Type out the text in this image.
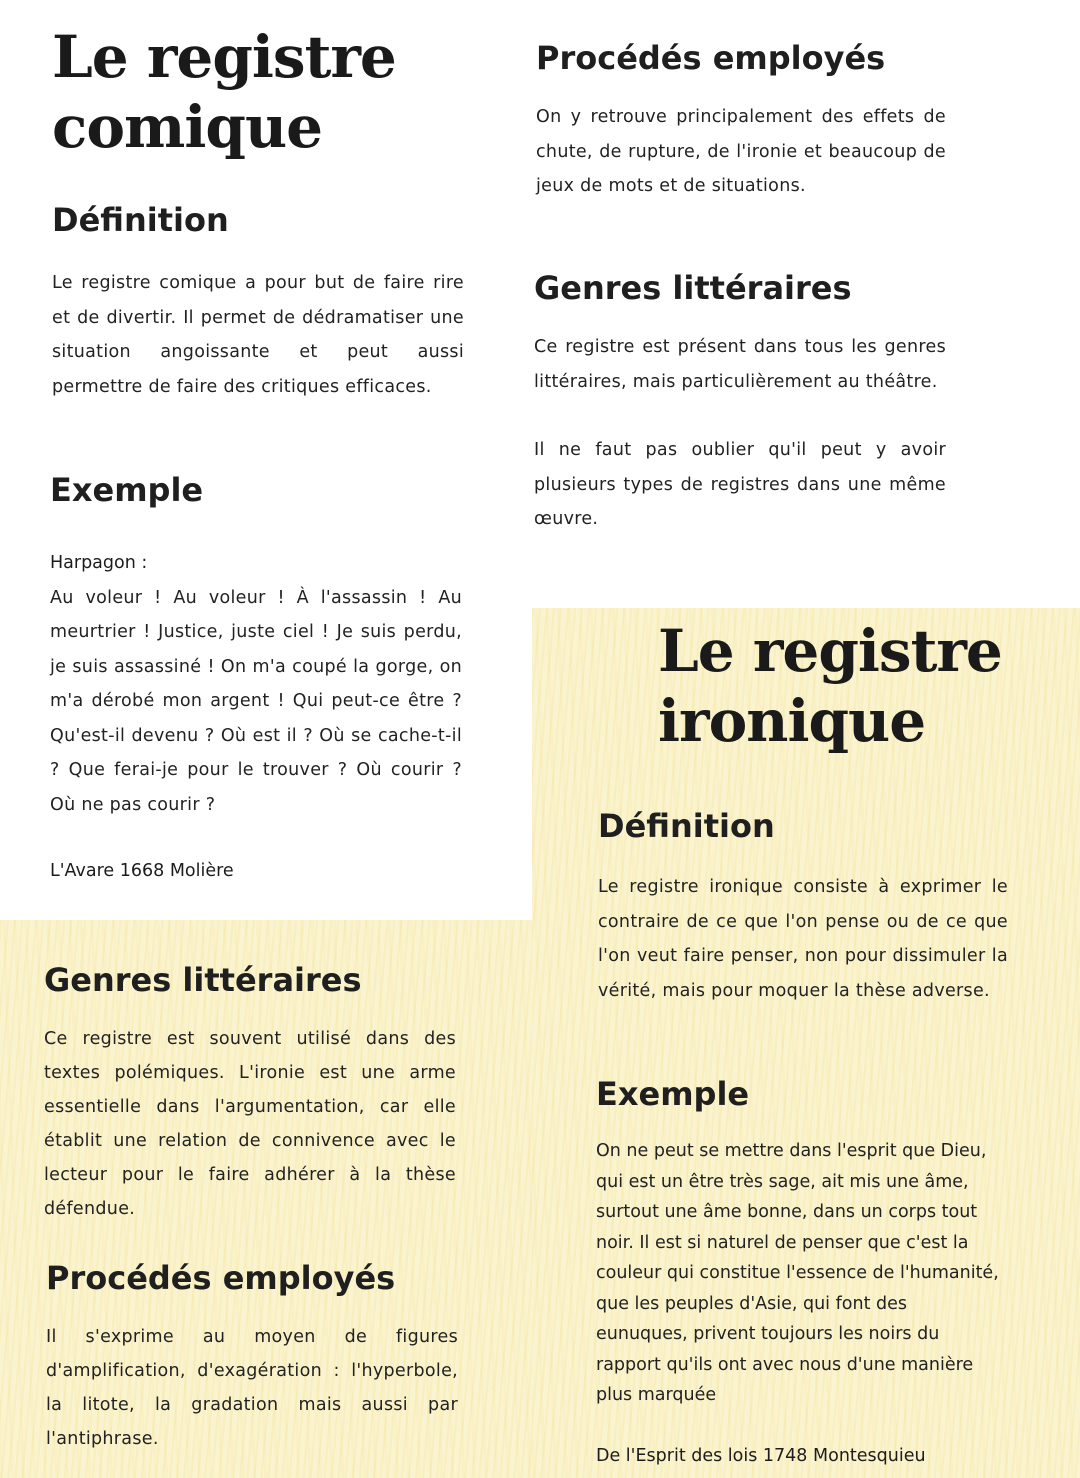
Le registre

comique

Définition

Le registre comique a pour but de faire rire et de divertir. Il permet de dédramatiser une situation angoissante et peut aussi permettre de faire des critiques efficaces.

Exemple

Harpagon :

Au voleur ! Au voleur ! À l'assassin ! Au meurtrier ! Justice, juste ciel ! Je suis perdu, je suis assassiné ! On m'a coupé la gorge, on m'a dérobé mon argent ! Qui peut-ce être ? Qu'est-il devenu ? Où est il ? Où se cache-t-il ? Que ferai-je pour le trouver ? Où courir ? Où ne pas courir ?

L'Avare 1668 Molière

Procédés employés

On y retrouve principalement des effets de chute, de rupture, de l'ironie et beaucoup de jeux de mots et de situations.

Genres littéraires

Ce registre est présent dans tous les genres littéraires, mais particulièrement au théâtre.

Il ne faut pas oublier qu'il peut y avoir plusieurs types de registres dans une même œuvre.

Le registre

ironique

Définition

Le registre ironique consiste à exprimer le contraire de ce que l'on pense ou de ce que l'on veut faire penser, non pour dissimuler la vérité, mais pour moquer la thèse adverse.

Exemple

On ne peut se mettre dans l'esprit que Dieu,

qui est un être très sage, ait mis une âme,

surtout une âme bonne, dans un corps tout

noir. Il est si naturel de penser que c'est la

couleur qui constitue l'essence de l'humanité,

que les peuples d'Asie, qui font des

eunuques, privent toujours les noirs du

rapport qu'ils ont avec nous d'une manière

plus marquée

De l'Esprit des lois 1748 Montesquieu

Genres littéraires

Ce registre est souvent utilisé dans des textes polémiques. L'ironie est une arme essentielle dans l'argumentation, car elle établit une relation de connivence avec le lecteur pour le faire adhérer à la thèse défendue.

Procédés employés

Il s'exprime au moyen de figures d'amplification, d'exagération : l'hyperbole, la litote, la gradation mais aussi par l'antiphrase.
